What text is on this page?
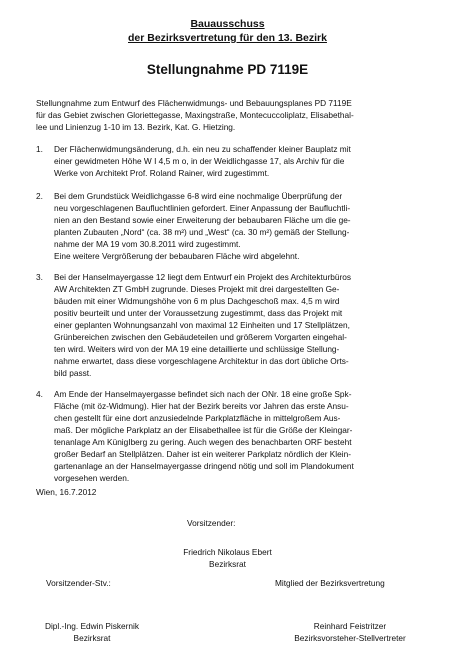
Bauausschuss
der Bezirksvertretung für den 13. Bezirk
Stellungnahme PD 7119E
Stellungnahme zum Entwurf des Flächenwidmungs- und Bebauungsplanes PD 7119E
für das Gebiet zwischen Gloriettegasse, Maxingstraße, Montecuccoliplatz, Elisabethal-
lee und Linienzug 1-10 im 13. Bezirk, Kat. G. Hietzing.
1. Der Flächenwidmungsänderung, d.h. ein neu zu schaffender kleiner Bauplatz mit
einer gewidmeten Höhe W I 4,5 m o, in der Weidlichgasse 17, als Archiv für die
Werke von Architekt Prof. Roland Rainer, wird zugestimmt.
2. Bei dem Grundstück Weidlichgasse 6-8 wird eine nochmalige Überprüfung der
neu vorgeschlagenen Baufluchtlinien gefordert. Einer Anpassung der Baufluchtli-
nien an den Bestand sowie einer Erweiterung der bebaubaren Fläche um die ge-
planten Zubauten „Nord“ (ca. 38 m²) und „West“ (ca. 30 m²) gemäß der Stellung-
nahme der MA 19 vom 30.8.2011 wird zugestimmt.
Eine weitere Vergrößerung der bebaubaren Fläche wird abgelehnt.
3. Bei der Hanselmayergasse 12 liegt dem Entwurf ein Projekt des Architekturbüros
AW Architekten ZT GmbH zugrunde. Dieses Projekt mit drei dargestellten Ge-
bäuden mit einer Widmungshöhe von 6 m plus Dachgeschoß max. 4,5 m wird
positiv beurteilt und unter der Voraussetzung zugestimmt, dass das Projekt mit
einer geplanten Wohnungsanzahl von maximal 12 Einheiten und 17 Stellplätzen,
Grünbereichen zwischen den Gebäudeteilen und größerem Vorgarten eingehal-
ten wird. Weiters wird von der MA 19 eine detaillierte und schlüssige Stellung-
nahme erwartet, dass diese vorgeschlagene Architektur in das dort übliche Orts-
bild passt.
4. Am Ende der Hanselmayergasse befindet sich nach der ONr. 18 eine große Spk-
Fläche (mit öz-Widmung). Hier hat der Bezirk bereits vor Jahren das erste Ansu-
chen gestellt für eine dort anzusiedelnde Parkplatzfläche in mittelgroßem Aus-
maß. Der mögliche Parkplatz an der Elisabethallee ist für die Größe der Kleingar-
tenanlage Am KünigIberg zu gering. Auch wegen des benachbarten ORF besteht
großer Bedarf an Stellplätzen. Daher ist ein weiterer Parkplatz nördlich der Klein-
gartenanlage an der Hanselmayergasse dringend nötig und soll im Plandokument
vorgesehen werden.
Wien, 16.7.2012
Vorsitzender:
Friedrich Nikolaus Ebert
Bezirksrat
Vorsitzender-Stv.:	Mitglied der Bezirksvertretung
Dipl.-Ing. Edwin Piskernik
Bezirksrat
Reinhard Feistritzer
Bezirksvorsteher-Stellvertreter
